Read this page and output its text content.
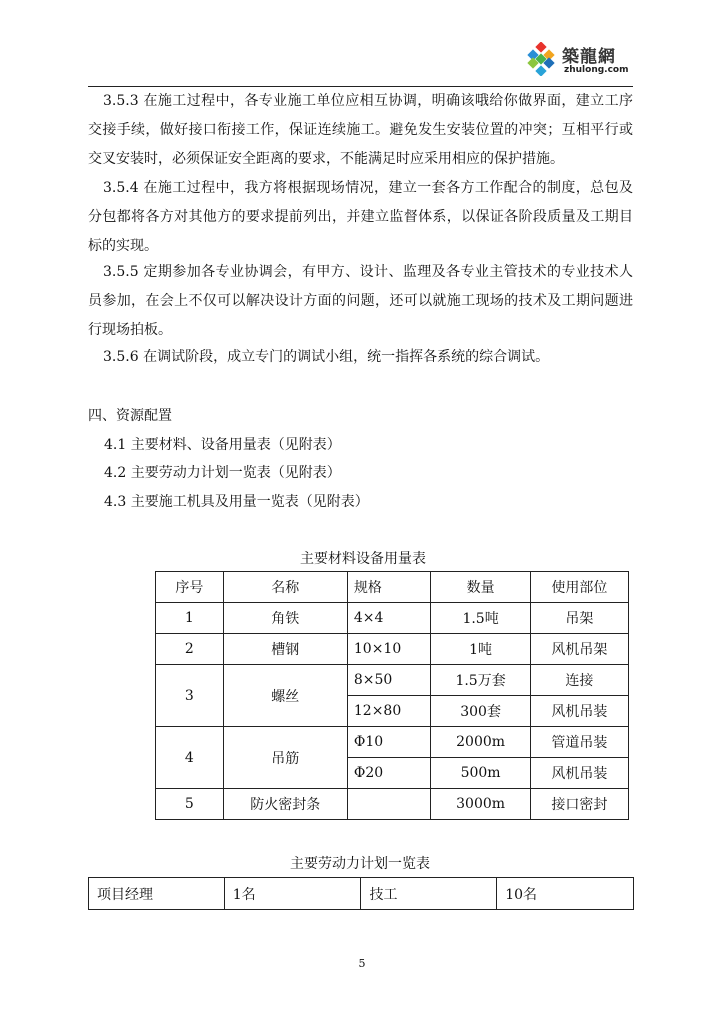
築龍網
zhulong.com

3.5.3 在施工过程中，各专业施工单位应相互协调，明确该哦给你做界面，建立工序交接手续，做好接口衔接工作，保证连续施工。避免发生安装位置的冲突；互相平行或交叉安装时，必须保证安全距离的要求，不能满足时应采用相应的保护措施。

3.5.4 在施工过程中，我方将根据现场情况，建立一套各方工作配合的制度，总包及分包都将各方对其他方的要求提前列出，并建立监督体系，以保证各阶段质量及工期目标的实现。

3.5.5 定期参加各专业协调会，有甲方、设计、监理及各专业主管技术的专业技术人员参加，在会上不仅可以解决设计方面的问题，还可以就施工现场的技术及工期问题进行现场拍板。

3.5.6 在调试阶段，成立专门的调试小组，统一指挥各系统的综合调试。

四、资源配置
4.1 主要材料、设备用量表（见附表）
4.2 主要劳动力计划一览表（见附表）
4.3 主要施工机具及用量一览表（见附表）
主要材料设备用量表
序号	名称	规格	数量	使用部位
1	角铁	4×4	1.5吨	吊架
2	槽钢	10×10	1吨	风机吊架
3	螺丝	8×50	1.5万套	连接
		12×80	300套	风机吊装
4	吊筋	Φ10	2000m	管道吊装
		Φ20	500m	风机吊装
5	防火密封条		3000m	接口密封
主要劳动力计划一览表
项目经理	1名	技工	10名
5
